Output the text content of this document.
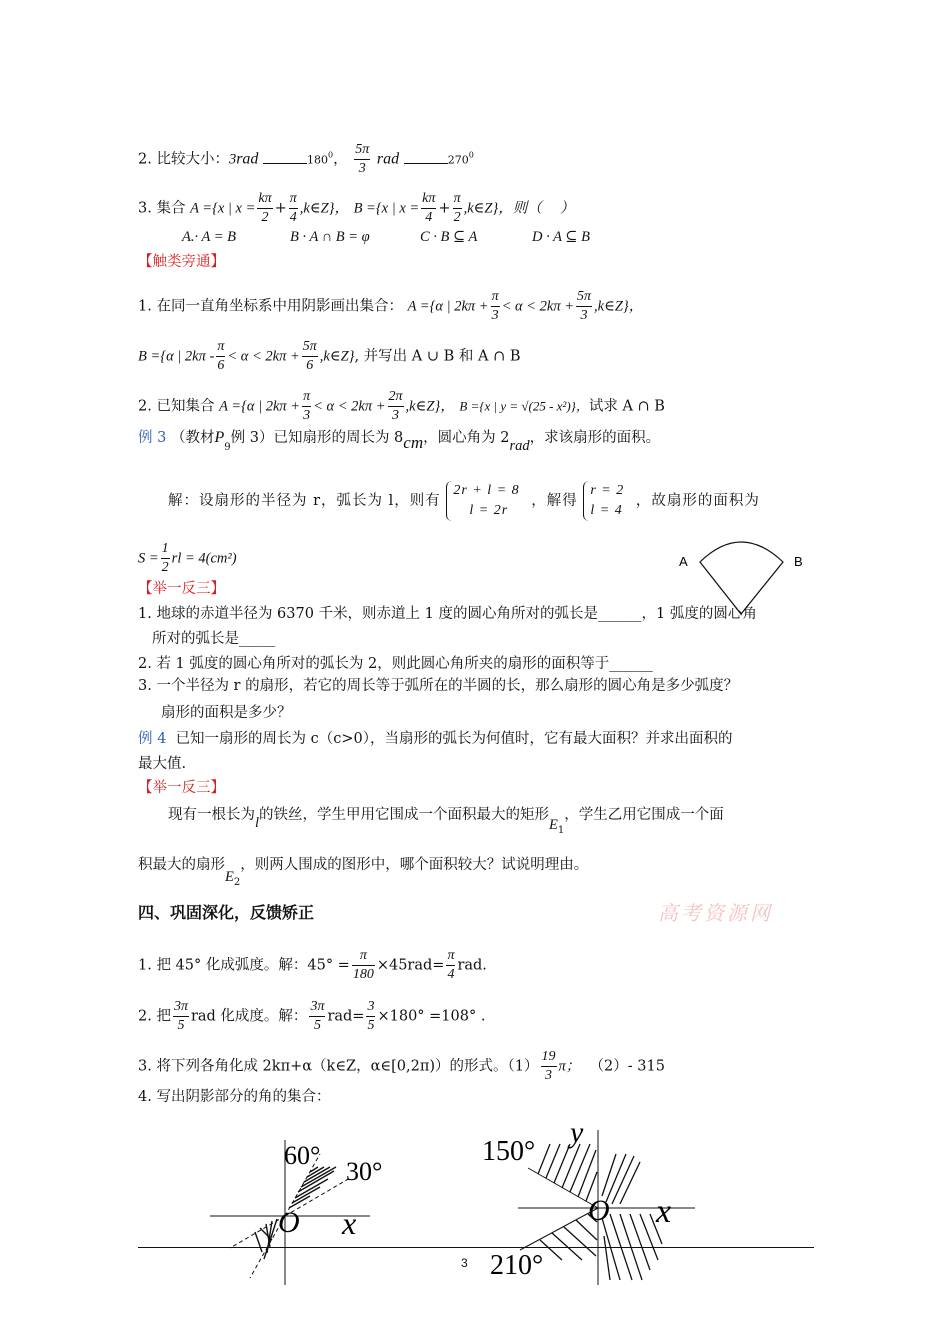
2. 比较大小：3rad	$180^0$， $\frac{5\pi}{3}$ rad	$270^0$
3. 集合 A ={x | $x = \frac{k\pi}{2} + \frac{\pi}{4}$ ,k∈Z}， B ={x | $x = \frac{k\pi}{4} + \frac{\pi}{2}$ ,k∈Z}，则（　 ）
A.· A = B	B · A ∩ B = φ	C · B ⊆ A	D · A ⊆ B
【触类旁通】
1. 在同一直角坐标系中用阴影画出集合： A ={α | $2k\pi + \frac{\pi}{3} < \alpha < 2k\pi + \frac{5\pi}{3}$ ,k∈Z}，
B ={α | $2k\pi - \frac{\pi}{6} < \alpha < 2k\pi + \frac{5\pi}{6}$ ,k∈Z}, 并写出 A ∪ B 和 A ∩ B
2. 已知集合 A ={α | $2k\pi + \frac{\pi}{3} < \alpha < 2k\pi + \frac{2\pi}{3}$ ,k∈Z}， B ={x | y = √(25 - x²)}，试求 A ∩ B
例 3 （教材$P_9$例 3）已知扇形的周长为 8cm，圆心角为 2rad，求该扇形的面积。
解：设扇形的半径为 r，弧长为 l，则有
2r + l = 8
l = 2r
，解得
r = 2
l = 4
，故扇形的面积为
$S = \frac{1}{2}$ rl = 4(cm²)	A	B
【举一反三】
1. 地球的赤道半径为 6370 千米，则赤道上 1 度的圆心角所对的弧长是______，1 弧度的圆心角
所对的弧长是_____
2. 若 1 弧度的圆心角所对的弧长为 2，则此圆心角所夹的扇形的面积等于______
3. 一个半径为 r 的扇形，若它的周长等于弧所在的半圆的长，那么扇形的圆心角是多少弧度？
扇形的面积是多少？
例 4 已知一扇形的周长为 c（c>0），当扇形的弧长为何值时，它有最大面积？并求出面积的
最大值.
【举一反三】
现有一根长为l的铁丝，学生甲用它围成一个面积最大的矩形$E_1$，学生乙用它围成一个面
积最大的扇形$E_2$，则两人围成的图形中，哪个面积较大？试说明理由。
四、巩固深化，反馈矫正	高考资源网
1. 把 45° 化成弧度。解：$45^\circ = \frac{\pi}{180} \times 45rad= \frac{\pi}{4}$ rad.
2. 把 $\frac{3\pi}{5}$ rad 化成度。解： $\frac{3\pi}{5} rad= \frac{3}{5} \times 180^\circ =108^\circ$ .
3. 将下列各角化成 2kπ+α（k∈Z，α∈[0,2π)）的形式。$(1) \frac{19}{3}$ π； （2）- 315
4. 写出阴影部分的角的集合：
60°
30°
O x
150°
y
O x
210°
3
